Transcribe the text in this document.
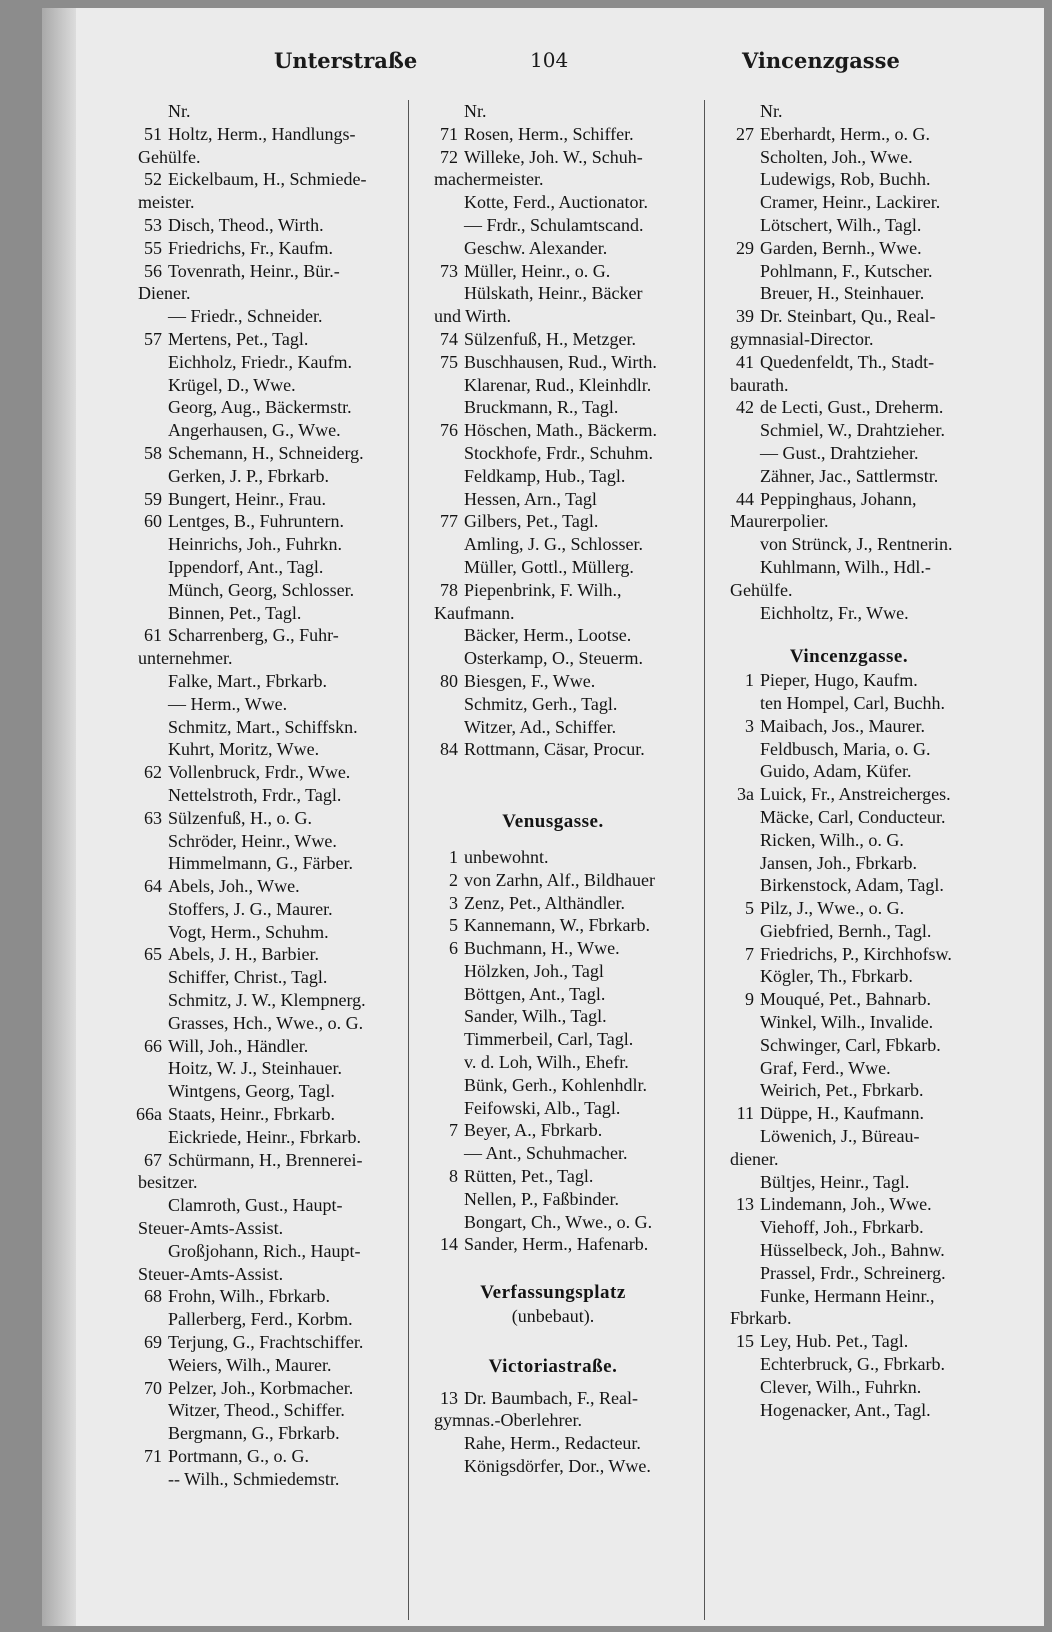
Unterstraße	104	Vincenzgasse
Nr.
51 Holtz, Herm., Handlungs-
Gehülfe.
52 Eickelbaum, H., Schmiede-
meister.
53 Disch, Theod., Wirth.
55 Friedrichs, Fr., Kaufm.
56 Tovenrath, Heinr., Bür.-
Diener.
— Friedr., Schneider.
57 Mertens, Pet., Tagl.
Eichholz, Friedr., Kaufm.
Krügel, D., Wwe.
Georg, Aug., Bäckermstr.
Angerhausen, G., Wwe.
58 Schemann, H., Schneiderg.
Gerken, J. P., Fbrkarb.
59 Bungert, Heinr., Frau.
60 Lentges, B., Fuhruntern.
Heinrichs, Joh., Fuhrkn.
Ippendorf, Ant., Tagl.
Münch, Georg, Schlosser.
Binnen, Pet., Tagl.
61 Scharrenberg, G., Fuhr-
unternehmer.
Falke, Mart., Fbrkarb.
— Herm., Wwe.
Schmitz, Mart., Schiffskn.
Kuhrt, Moritz, Wwe.
62 Vollenbruck, Frdr., Wwe.
Nettelstroth, Frdr., Tagl.
63 Sülzenfuß, H., o. G.
Schröder, Heinr., Wwe.
Himmelmann, G., Färber.
64 Abels, Joh., Wwe.
Stoffers, J. G., Maurer.
Vogt, Herm., Schuhm.
65 Abels, J. H., Barbier.
Schiffer, Christ., Tagl.
Schmitz, J. W., Klempnerg.
Grasses, Hch., Wwe., o. G.
66 Will, Joh., Händler.
Hoitz, W. J., Steinhauer.
Wintgens, Georg, Tagl.
66a Staats, Heinr., Fbrkarb.
Eickriede, Heinr., Fbrkarb.
67 Schürmann, H., Brennerei-
besitzer.
Clamroth, Gust., Haupt-
Steuer-Amts-Assist.
Großjohann, Rich., Haupt-
Steuer-Amts-Assist.
68 Frohn, Wilh., Fbrkarb.
Pallerberg, Ferd., Korbm.
69 Terjung, G., Frachtschiffer.
Weiers, Wilh., Maurer.
70 Pelzer, Joh., Korbmacher.
Witzer, Theod., Schiffer.
Bergmann, G., Fbrkarb.
71 Portmann, G., o. G.
-- Wilh., Schmiedemstr.
Nr.
71 Rosen, Herm., Schiffer.
72 Willeke, Joh. W., Schuh-
machermeister.
Kotte, Ferd., Auctionator.
— Frdr., Schulamtscand.
Geschw. Alexander.
73 Müller, Heinr., o. G.
Hülskath, Heinr., Bäcker
und Wirth.
74 Sülzenfuß, H., Metzger.
75 Buschhausen, Rud., Wirth.
Klarenar, Rud., Kleinhdlr.
Bruckmann, R., Tagl.
76 Höschen, Math., Bäckerm.
Stockhofe, Frdr., Schuhm.
Feldkamp, Hub., Tagl.
Hessen, Arn., Tagl
77 Gilbers, Pet., Tagl.
Amling, J. G., Schlosser.
Müller, Gottl., Müllerg.
78 Piepenbrink, F. Wilh.,
Kaufmann.
Bäcker, Herm., Lootse.
Osterkamp, O., Steuerm.
80 Biesgen, F., Wwe.
Schmitz, Gerh., Tagl.
Witzer, Ad., Schiffer.
84 Rottmann, Cäsar, Procur.
Venusgasse.
1 unbewohnt.
2 von Zarhn, Alf., Bildhauer
3 Zenz, Pet., Althändler.
5 Kannemann, W., Fbrkarb.
6 Buchmann, H., Wwe.
Hölzken, Joh., Tagl
Böttgen, Ant., Tagl.
Sander, Wilh., Tagl.
Timmerbeil, Carl, Tagl.
v. d. Loh, Wilh., Ehefr.
Bünk, Gerh., Kohlenhdlr.
Feifowski, Alb., Tagl.
7 Beyer, A., Fbrkarb.
— Ant., Schuhmacher.
8 Rütten, Pet., Tagl.
Nellen, P., Faßbinder.
Bongart, Ch., Wwe., o. G.
14 Sander, Herm., Hafenarb.
Verfassungsplatz
(unbebaut).
Victoriastraße.
13 Dr. Baumbach, F., Real-
gymnas.-Oberlehrer.
Rahe, Herm., Redacteur.
Königsdörfer, Dor., Wwe.
Nr.
27 Eberhardt, Herm., o. G.
Scholten, Joh., Wwe.
Ludewigs, Rob, Buchh.
Cramer, Heinr., Lackirer.
Lötschert, Wilh., Tagl.
29 Garden, Bernh., Wwe.
Pohlmann, F., Kutscher.
Breuer, H., Steinhauer.
39 Dr. Steinbart, Qu., Real-
gymnasial-Director.
41 Quedenfeldt, Th., Stadt-
baurath.
42 de Lecti, Gust., Dreherm.
Schmiel, W., Drahtzieher.
— Gust., Drahtzieher.
Zähner, Jac., Sattlermstr.
44 Peppinghaus, Johann,
Maurerpolier.
von Strünck, J., Rentnerin.
Kuhlmann, Wilh., Hdl.-
Gehülfe.
Eichholtz, Fr., Wwe.
Vincenzgasse.
1 Pieper, Hugo, Kaufm.
ten Hompel, Carl, Buchh.
3 Maibach, Jos., Maurer.
Feldbusch, Maria, o. G.
Guido, Adam, Küfer.
3a Luick, Fr., Anstreicherges.
Mäcke, Carl, Conducteur.
Ricken, Wilh., o. G.
Jansen, Joh., Fbrkarb.
Birkenstock, Adam, Tagl.
5 Pilz, J., Wwe., o. G.
Giebfried, Bernh., Tagl.
7 Friedrichs, P., Kirchhofsw.
Kögler, Th., Fbrkarb.
9 Mouqué, Pet., Bahnarb.
Winkel, Wilh., Invalide.
Schwinger, Carl, Fbkarb.
Graf, Ferd., Wwe.
Weirich, Pet., Fbrkarb.
11 Düppe, H., Kaufmann.
Löwenich, J., Büreau-
diener.
Bültjes, Heinr., Tagl.
13 Lindemann, Joh., Wwe.
Viehoff, Joh., Fbrkarb.
Hüsselbeck, Joh., Bahnw.
Prassel, Frdr., Schreinerg.
Funke, Hermann Heinr.,
Fbrkarb.
15 Ley, Hub. Pet., Tagl.
Echterbruck, G., Fbrkarb.
Clever, Wilh., Fuhrkn.
Hogenacker, Ant., Tagl.
